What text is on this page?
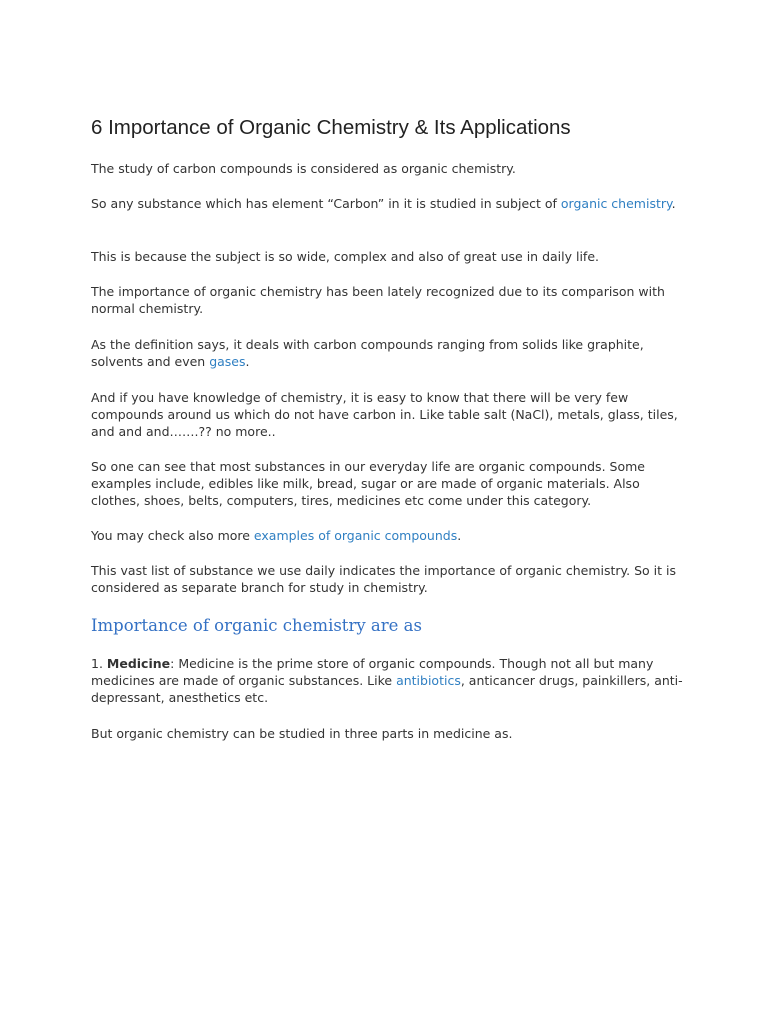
6 Importance of Organic Chemistry & Its Applications

The study of carbon compounds is considered as organic chemistry.

So any substance which has element “Carbon” in it is studied in subject of organic chemistry.

This is because the subject is so wide, complex and also of great use in daily life.

The importance of organic chemistry has been lately recognized due to its comparison with normal chemistry.

As the definition says, it deals with carbon compounds ranging from solids like graphite, solvents and even gases.

And if you have knowledge of chemistry, it is easy to know that there will be very few compounds around us which do not have carbon in. Like table salt (NaCl), metals, glass, tiles, and and and…….?? no more..

So one can see that most substances in our everyday life are organic compounds. Some examples include, edibles like milk, bread, sugar or are made of organic materials. Also clothes, shoes, belts, computers, tires, medicines etc come under this category.

You may check also more examples of organic compounds.

This vast list of substance we use daily indicates the importance of organic chemistry. So it is considered as separate branch for study in chemistry.

Importance of organic chemistry are as

1. Medicine: Medicine is the prime store of organic compounds. Though not all but many medicines are made of organic substances. Like antibiotics, anticancer drugs, painkillers, anti-depressant, anesthetics etc.

But organic chemistry can be studied in three parts in medicine as.
